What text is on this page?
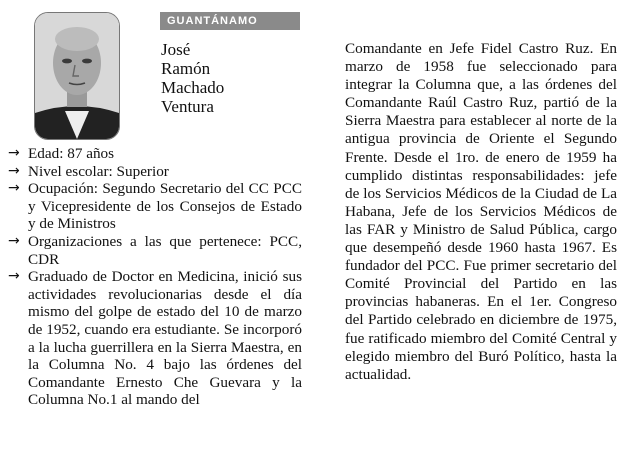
GUANTÁNAMO
José
Ramón
Machado
Ventura
→ Edad: 87 años
→ Nivel escolar: Superior
→ Ocupación: Segundo Secretario del CC PCC y Vicepresidente de los Consejos de Estado y de Ministros
→ Organizaciones a las que pertenece: PCC, CDR
→ Graduado de Doctor en Medicina, inició sus actividades revolucionarias desde el día mismo del golpe de estado del 10 de marzo de 1952, cuando era estudiante. Se incorporó a la lucha guerrillera en la Sierra Maestra, en la Columna No. 4 bajo las órdenes del Comandante Ernesto Che Guevara y la Columna No.1 al mando del
Comandante en Jefe Fidel Castro Ruz. En marzo de 1958 fue seleccionado para integrar la Columna que, a las órdenes del Comandante Raúl Castro Ruz, partió de la Sierra Maestra para establecer al norte de la antigua provincia de Oriente el Segundo Frente. Desde el 1ro. de enero de 1959 ha cumplido distintas responsabilidades: jefe de los Servicios Médicos de la Ciudad de La Habana, Jefe de los Servicios Médicos de las FAR y Ministro de Salud Pública, cargo que desempeñó desde 1960 hasta 1967. Es fundador del PCC. Fue primer secretario del Comité Provincial del Partido en las provincias habaneras. En el 1er. Congreso del Partido celebrado en diciembre de 1975, fue ratificado miembro del Comité Central y elegido miembro del Buró Político, hasta la actualidad.
